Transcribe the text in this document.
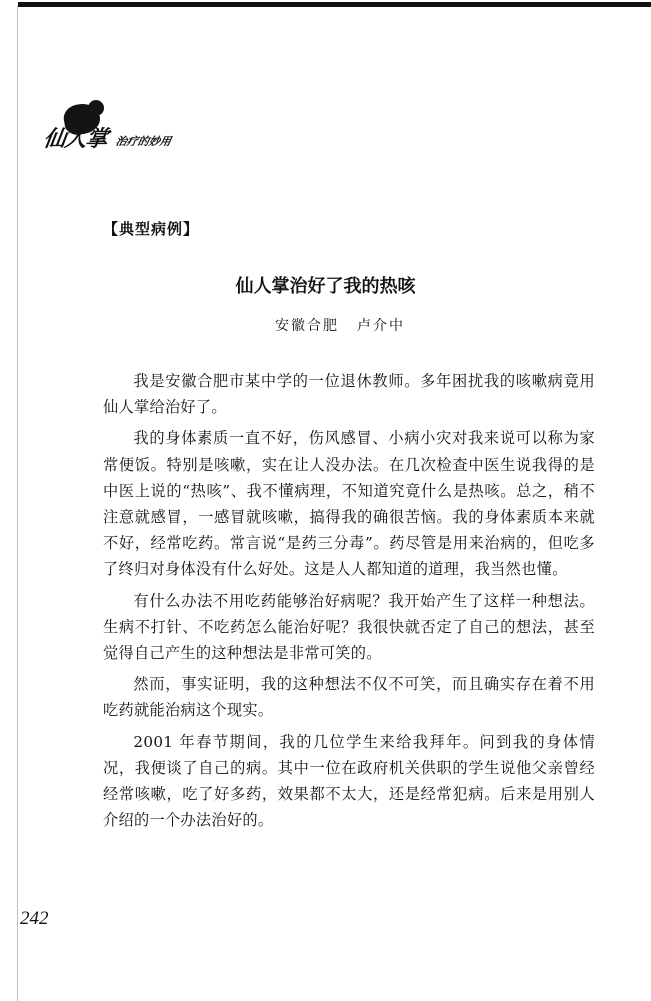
仙人掌 治疗的妙用
【典型病例】
仙人掌治好了我的热咳
安徽合肥 卢介中

我是安徽合肥市某中学的一位退休教师。多年困扰我的咳嗽病竟用仙人掌给治好了。

我的身体素质一直不好，伤风感冒、小病小灾对我来说可以称为家常便饭。特别是咳嗽，实在让人没办法。在几次检查中医生说我得的是中医上说的“热咳”、我不懂病理，不知道究竟什么是热咳。总之，稍不注意就感冒，一感冒就咳嗽，搞得我的确很苦恼。我的身体素质本来就不好，经常吃药。常言说“是药三分毒”。药尽管是用来治病的，但吃多了终归对身体没有什么好处。这是人人都知道的道理，我当然也懂。

有什么办法不用吃药能够治好病呢？我开始产生了这样一种想法。生病不打针、不吃药怎么能治好呢？我很快就否定了自己的想法，甚至觉得自己产生的这种想法是非常可笑的。

然而，事实证明，我的这种想法不仅不可笑，而且确实存在着不用吃药就能治病这个现实。

2001 年春节期间，我的几位学生来给我拜年。问到我的身体情况，我便谈了自己的病。其中一位在政府机关供职的学生说他父亲曾经经常咳嗽，吃了好多药，效果都不太大，还是经常犯病。后来是用别人介绍的一个办法治好的。

242
